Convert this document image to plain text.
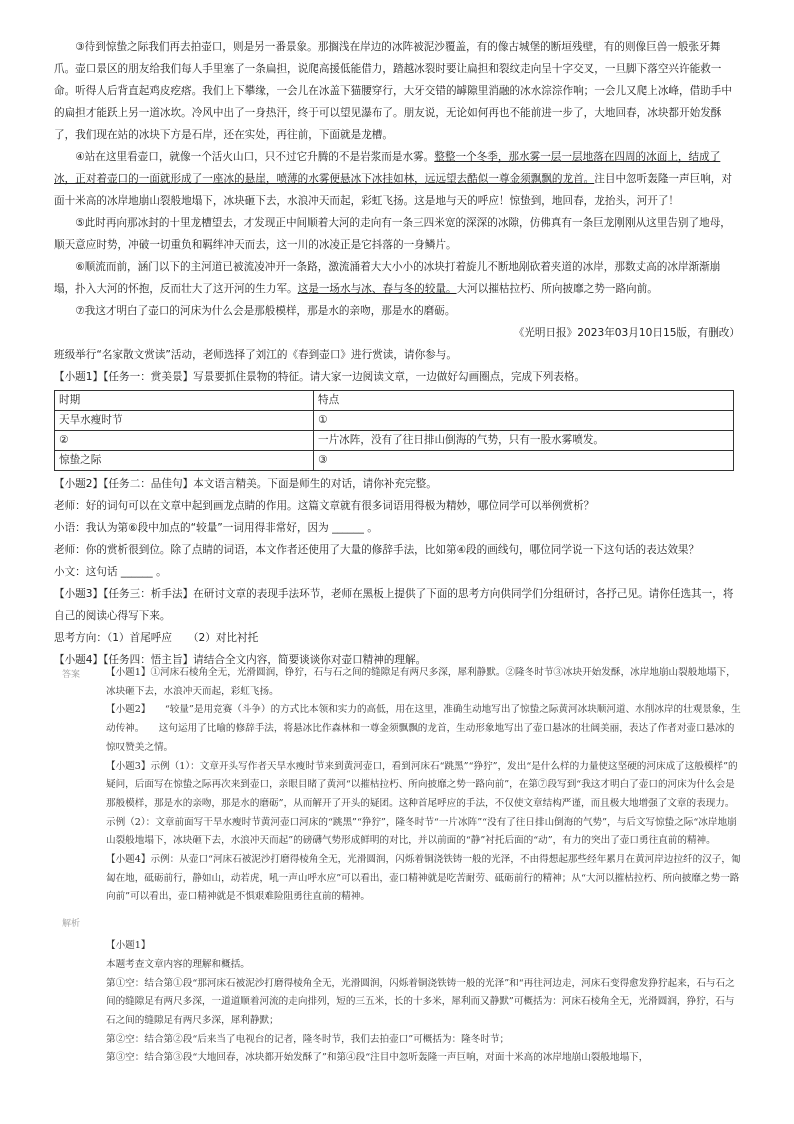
③待到惊蛰之际我们再去拍壶口，则是另一番景象。那搁浅在岸边的冰阵被泥沙覆盖，有的像古城堡的断垣残壁，有的则像巨兽一般张牙舞爪。壶口景区的朋友给我们每人手里塞了一条扁担，说爬高援低能借力，踏越冰裂时要让扁担和裂纹走向呈十字交叉，一旦脚下落空兴许能救一命。听得人后背直起鸡皮疙瘩。我们上下攀缘，一会儿在冰盖下猫腰穿行，大牙交错的罅隙里消融的冰水淙淙作响；一会儿又爬上冰峰，借助手中的扁担才能跃上另一道冰坎。冷风中出了一身热汗，终于可以望见瀑布了。朋友说，无论如何再也不能前进一步了，大地回春，冰块都开始发酥了，我们现在站的冰块下方是石岸，还在实处，再往前，下面就是龙槽。

④站在这里看壶口，就像一个活火山口，只不过它升腾的不是岩浆而是水雾。整整一个冬季，那水雾一层一层地落在四周的冰面上，结成了冰，正对着壶口的一面就形成了一座冰的悬崖，喷薄的水雾便悬冰下冰挂如林，远远望去酷似一尊金须飘飘的龙首。注目中忽听轰隆一声巨响，对面十米高的冰岸地崩山裂般地塌下，冰块砸下去，水浪冲天而起，彩虹飞扬。这是地与天的呼应！惊蛰到，地回春，龙抬头，河开了！

⑤此时再向那冰封的十里龙槽望去，才发现正中间顺着大河的走向有一条三四米宽的深深的冰隙，仿佛真有一条巨龙刚刚从这里告别了地母，顺天意应时势，冲破一切重负和羁绊冲天而去，这一川的冰凌正是它抖落的一身鳞片。

⑥顺流而前，涵门以下的主河道已被流凌冲开一条路，激流涌着大大小小的冰块打着旋儿不断地剐砍着夹道的冰岸，那数丈高的冰岸渐渐崩塌，扑入大河的怀抱，反而壮大了这开河的生力军。这是一场水与冰、春与冬的较量。大河以摧枯拉朽、所向披靡之势一路向前。

⑦我这才明白了壶口的河床为什么会是那般模样，那是水的亲吻，那是水的磨砺。

《光明日报》2023年03月10日15版，有删改）

班级举行“名家散文赏读”活动，老师选择了刘江的《春到壶口》进行赏读，请你参与。

【小题1】【任务一：赏美景】写景要抓住景物的特征。请大家一边阅读文章，一边做好勾画圈点，完成下列表格。

时期	特点
天旱水瘦时节	①
②	一片冰阵，没有了往日排山倒海的气势，只有一股水雾喷发。
惊蛰之际	③

【小题2】【任务二：品佳句】本文语言精美。下面是师生的对话，请你补充完整。

老师：好的词句可以在文章中起到画龙点睛的作用。这篇文章就有很多词语用得极为精妙，哪位同学可以举例赏析？

小语：我认为第⑥段中加点的“较量”一词用得非常好，因为 ______ 。

老师：你的赏析很到位。除了点睛的词语，本文作者还使用了大量的修辞手法，比如第④段的画线句，哪位同学说一下这句话的表达效果？

小文：这句话 ______ 。

【小题3】【任务三：析手法】在研讨文章的表现手法环节，老师在黑板上提供了下面的思考方向供同学们分组研讨，各抒己见。请你任选其一，将自己的阅读心得写下来。

思考方向：（1）首尾呼应　　（2）对比衬托

【小题4】【任务四：悟主旨】请结合全文内容，简要谈谈你对壶口精神的理解。

答案	【小题1】①河床石棱角全无，光滑圆润，铮狞，石与石之间的缝隙足有两尺多深，犀利静默。②隆冬时节③冰块开始发酥，冰岸地崩山裂般地塌下，冰块砸下去，水浪冲天而起，彩虹飞扬。

【小题2】　　“较量”是用竞赛（斗争）的方式比本领和实力的高低，用在这里，准确生动地写出了惊蛰之际黄河冰块顺河道、水削冰岸的壮观景象，生动传神。　　这句运用了比喻的修辞手法，将悬冰比作森林和一尊金须飘飘的龙首，生动形象地写出了壶口悬冰的壮阔美丽，表达了作者对壶口悬冰的惊叹赞美之情。

【小题3】示例（1）：文章开头写作者天旱水瘦时节来到黄河壶口，看到河床石“跳黑”“狰狞”，发出“是什么样的力量使这坚硬的河床成了这般模样”的疑问，后面写在惊蛰之际再次来到壶口，亲眼目睹了黄河“以摧枯拉朽、所向披靡之势一路向前”，在第⑦段写到“我这才明白了壶口的河床为什么会是那般模样，那是水的亲吻，那是水的磨砺”，从而解开了开头的疑团。这种首尾呼应的手法，不仅使文章结构严谨，而且极大地增强了文章的表现力。

示例（2）：文章前面写干旱水瘦时节黄河壶口河床的“跳黑”“狰狞”，隆冬时节“一片冰阵”“没有了往日排山倒海的气势”，与后文写惊蛰之际“冰岸地崩山裂般地塌下，冰块砸下去，水浪冲天而起”的磅礴气势形成鲜明的对比，并以前面的“静”衬托后面的“动”，有力的突出了壶口勇往直前的精神。

【小题4】示例：从壶口“河床石被泥沙打磨得棱角全无，光滑圆润，闪烁着铜浇铁铸一般的光泽，不由得想起那些经年累月在黄河岸边拉纤的汉子，匍匐在地，砥砺前行，静如山，动若虎，吼一声山呼水应”可以看出，壶口精神就是吃苦耐劳、砥砺前行的精神；从“大河以摧枯拉朽、所向披靡之势一路向前”可以看出，壶口精神就是不惧艰难险阻勇往直前的精神。

解析

【小题1】

本题考查文章内容的理解和概括。

第①空：结合第①段“那河床石被泥沙打磨得棱角全无，光滑圆润，闪烁着铜浇铁铸一般的光泽”和“再往河边走，河床石变得愈发狰狞起来，石与石之间的缝隙足有两尺多深，一道道顺着河流的走向排列，短的三五米，长的十多米，犀利而又静默”可概括为：河床石棱角全无，光滑圆润，狰狞，石与石之间的缝隙足有两尺多深，犀利静默；

第②空：结合第②段“后来当了电视台的记者，隆冬时节，我们去拍壶口”可概括为：隆冬时节；

第③空：结合第③段“大地回春，冰块都开始发酥了”和第④段“注目中忽听轰隆一声巨响，对面十米高的冰岸地崩山裂般地塌下，
